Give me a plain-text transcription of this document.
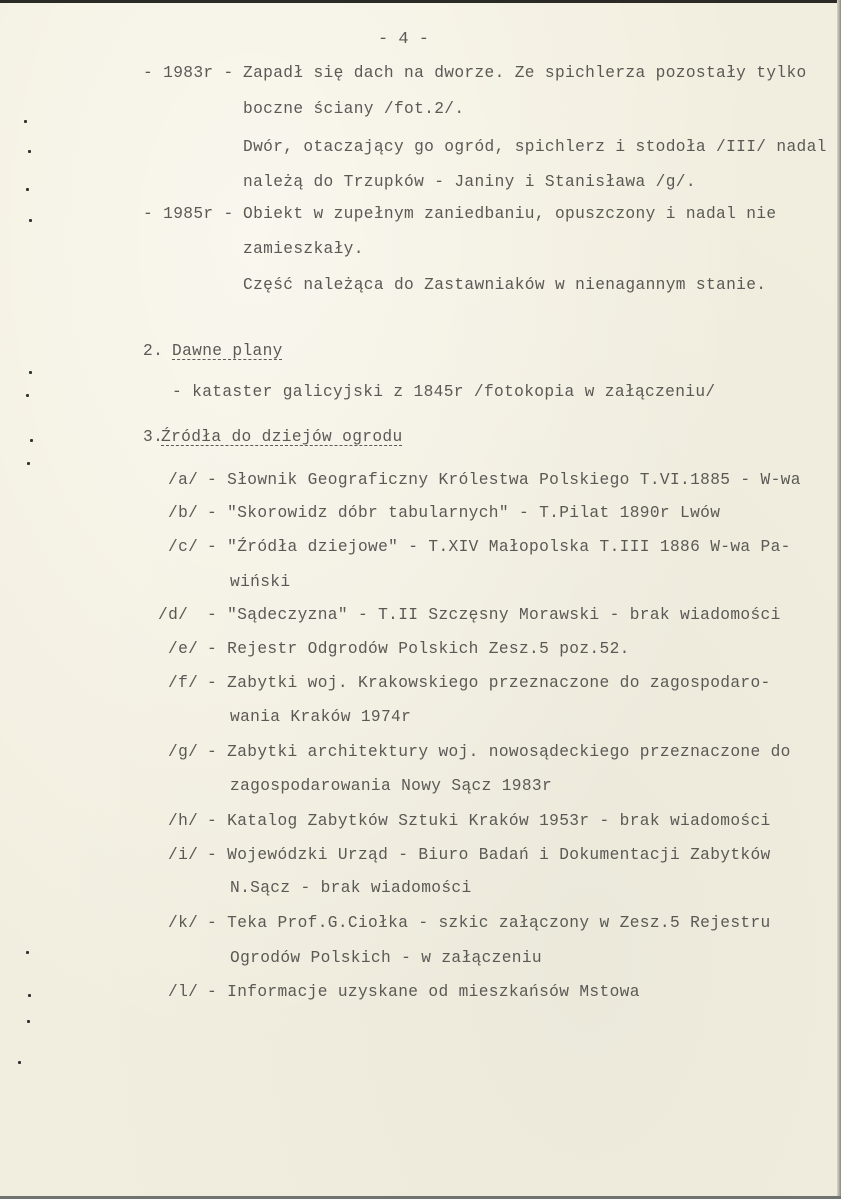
- 4 -
- 1983r - Zapadł się dach na dworze. Ze spichlerza pozostały tylko
boczne ściany /fot.2/.
Dwór, otaczający go ogród, spichlerz i stodoła /III/ nadal
należą do Trzupków - Janiny i Stanisława /g/.
- 1985r - Obiekt w zupełnym zaniedbaniu, opuszczony i nadal nie
zamieszkały.
Część należąca do Zastawniaków w nienagannym stanie.
2. Dawne plany
- kataster galicyjski z 1845r /fotokopia w załączeniu/
3.
Źródła do dziejów ogrodu
/a/ - Słownik Geograficzny Królestwa Polskiego T.VI.1885 - W-wa
/b/ - "Skorowidz dóbr tabularnych" - T.Pilat 1890r Lwów
/c/ - "Źródła dziejowe" - T.XIV Małopolska T.III 1886 W-wa Pa-
wiński
/d/ - "Sądeczyzna" - T.II Szczęsny Morawski - brak wiadomości
/e/ - Rejestr Odgrodów Polskich Zesz.5 poz.52.
/f/ - Zabytki woj. Krakowskiego przeznaczone do zagospodaro-
wania Kraków 1974r
/g/ - Zabytki architektury woj. nowosądeckiego przeznaczone do
zagospodarowania Nowy Sącz 1983r
/h/ - Katalog Zabytków Sztuki Kraków 1953r - brak wiadomości
/i/ - Wojewódzki Urząd - Biuro Badań i Dokumentacji Zabytków
N.Sącz - brak wiadomości
/k/ - Teka Prof.G.Ciołka - szkic załączony w Zesz.5 Rejestru
Ogrodów Polskich - w załączeniu
/l/ - Informacje uzyskane od mieszkańsów Mstowa
